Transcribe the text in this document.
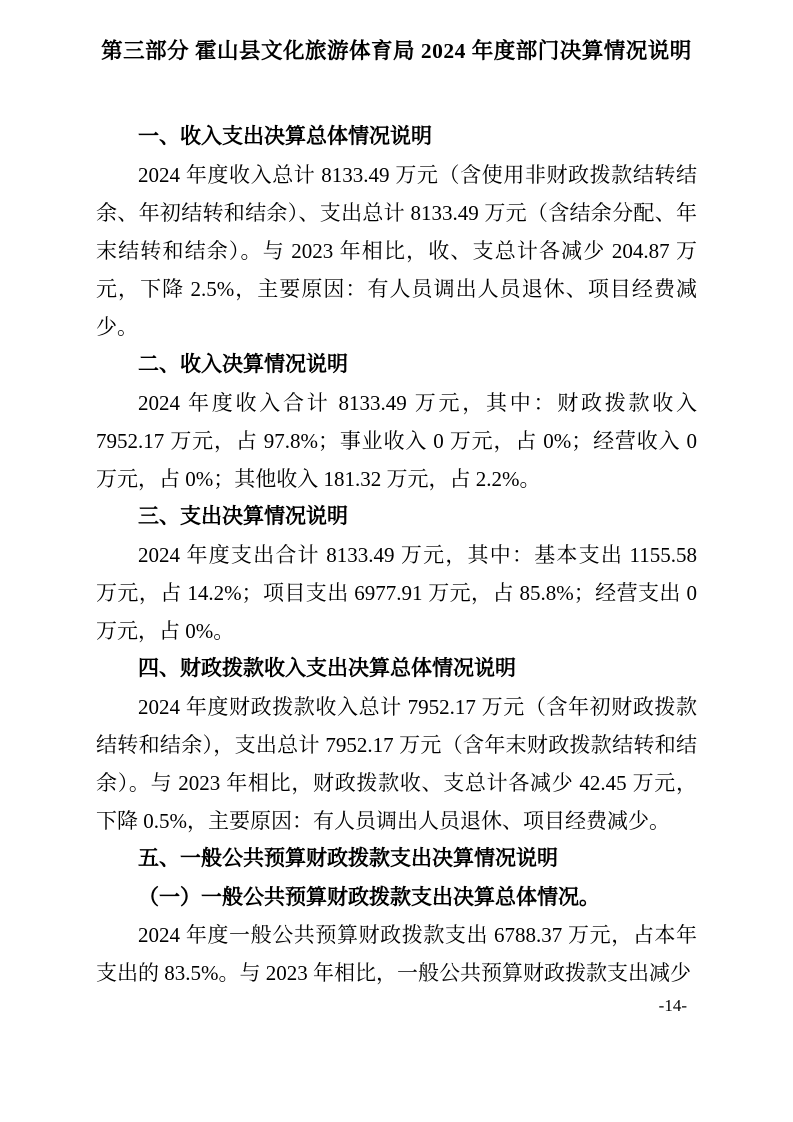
第三部分 霍山县文化旅游体育局 2024 年度部门决算情况说明
一、收入支出决算总体情况说明

2024 年度收入总计 8133.49 万元（含使用非财政拨款结转结余、年初结转和结余）、支出总计 8133.49 万元（含结余分配、年末结转和结余）。与 2023 年相比，收、支总计各减少 204.87 万元，下降 2.5%，主要原因：有人员调出人员退休、项目经费减少。

二、收入决算情况说明

2024 年度收入合计 8133.49 万元，其中：财政拨款收入 7952.17 万元，占 97.8%；事业收入 0 万元，占 0%；经营收入 0 万元，占 0%；其他收入 181.32 万元，占 2.2%。

三、支出决算情况说明

2024 年度支出合计 8133.49 万元，其中：基本支出 1155.58 万元，占 14.2%；项目支出 6977.91 万元，占 85.8%；经营支出 0 万元，占 0%。

四、财政拨款收入支出决算总体情况说明

2024 年度财政拨款收入总计 7952.17 万元（含年初财政拨款结转和结余），支出总计 7952.17 万元（含年末财政拨款结转和结余）。与 2023 年相比，财政拨款收、支总计各减少 42.45 万元，下降 0.5%，主要原因：有人员调出人员退休、项目经费减少。

五、一般公共预算财政拨款支出决算情况说明
（一）一般公共预算财政拨款支出决算总体情况。

2024 年度一般公共预算财政拨款支出 6788.37 万元，占本年支出的 83.5%。与 2023 年相比，一般公共预算财政拨款支出减少

-14-
